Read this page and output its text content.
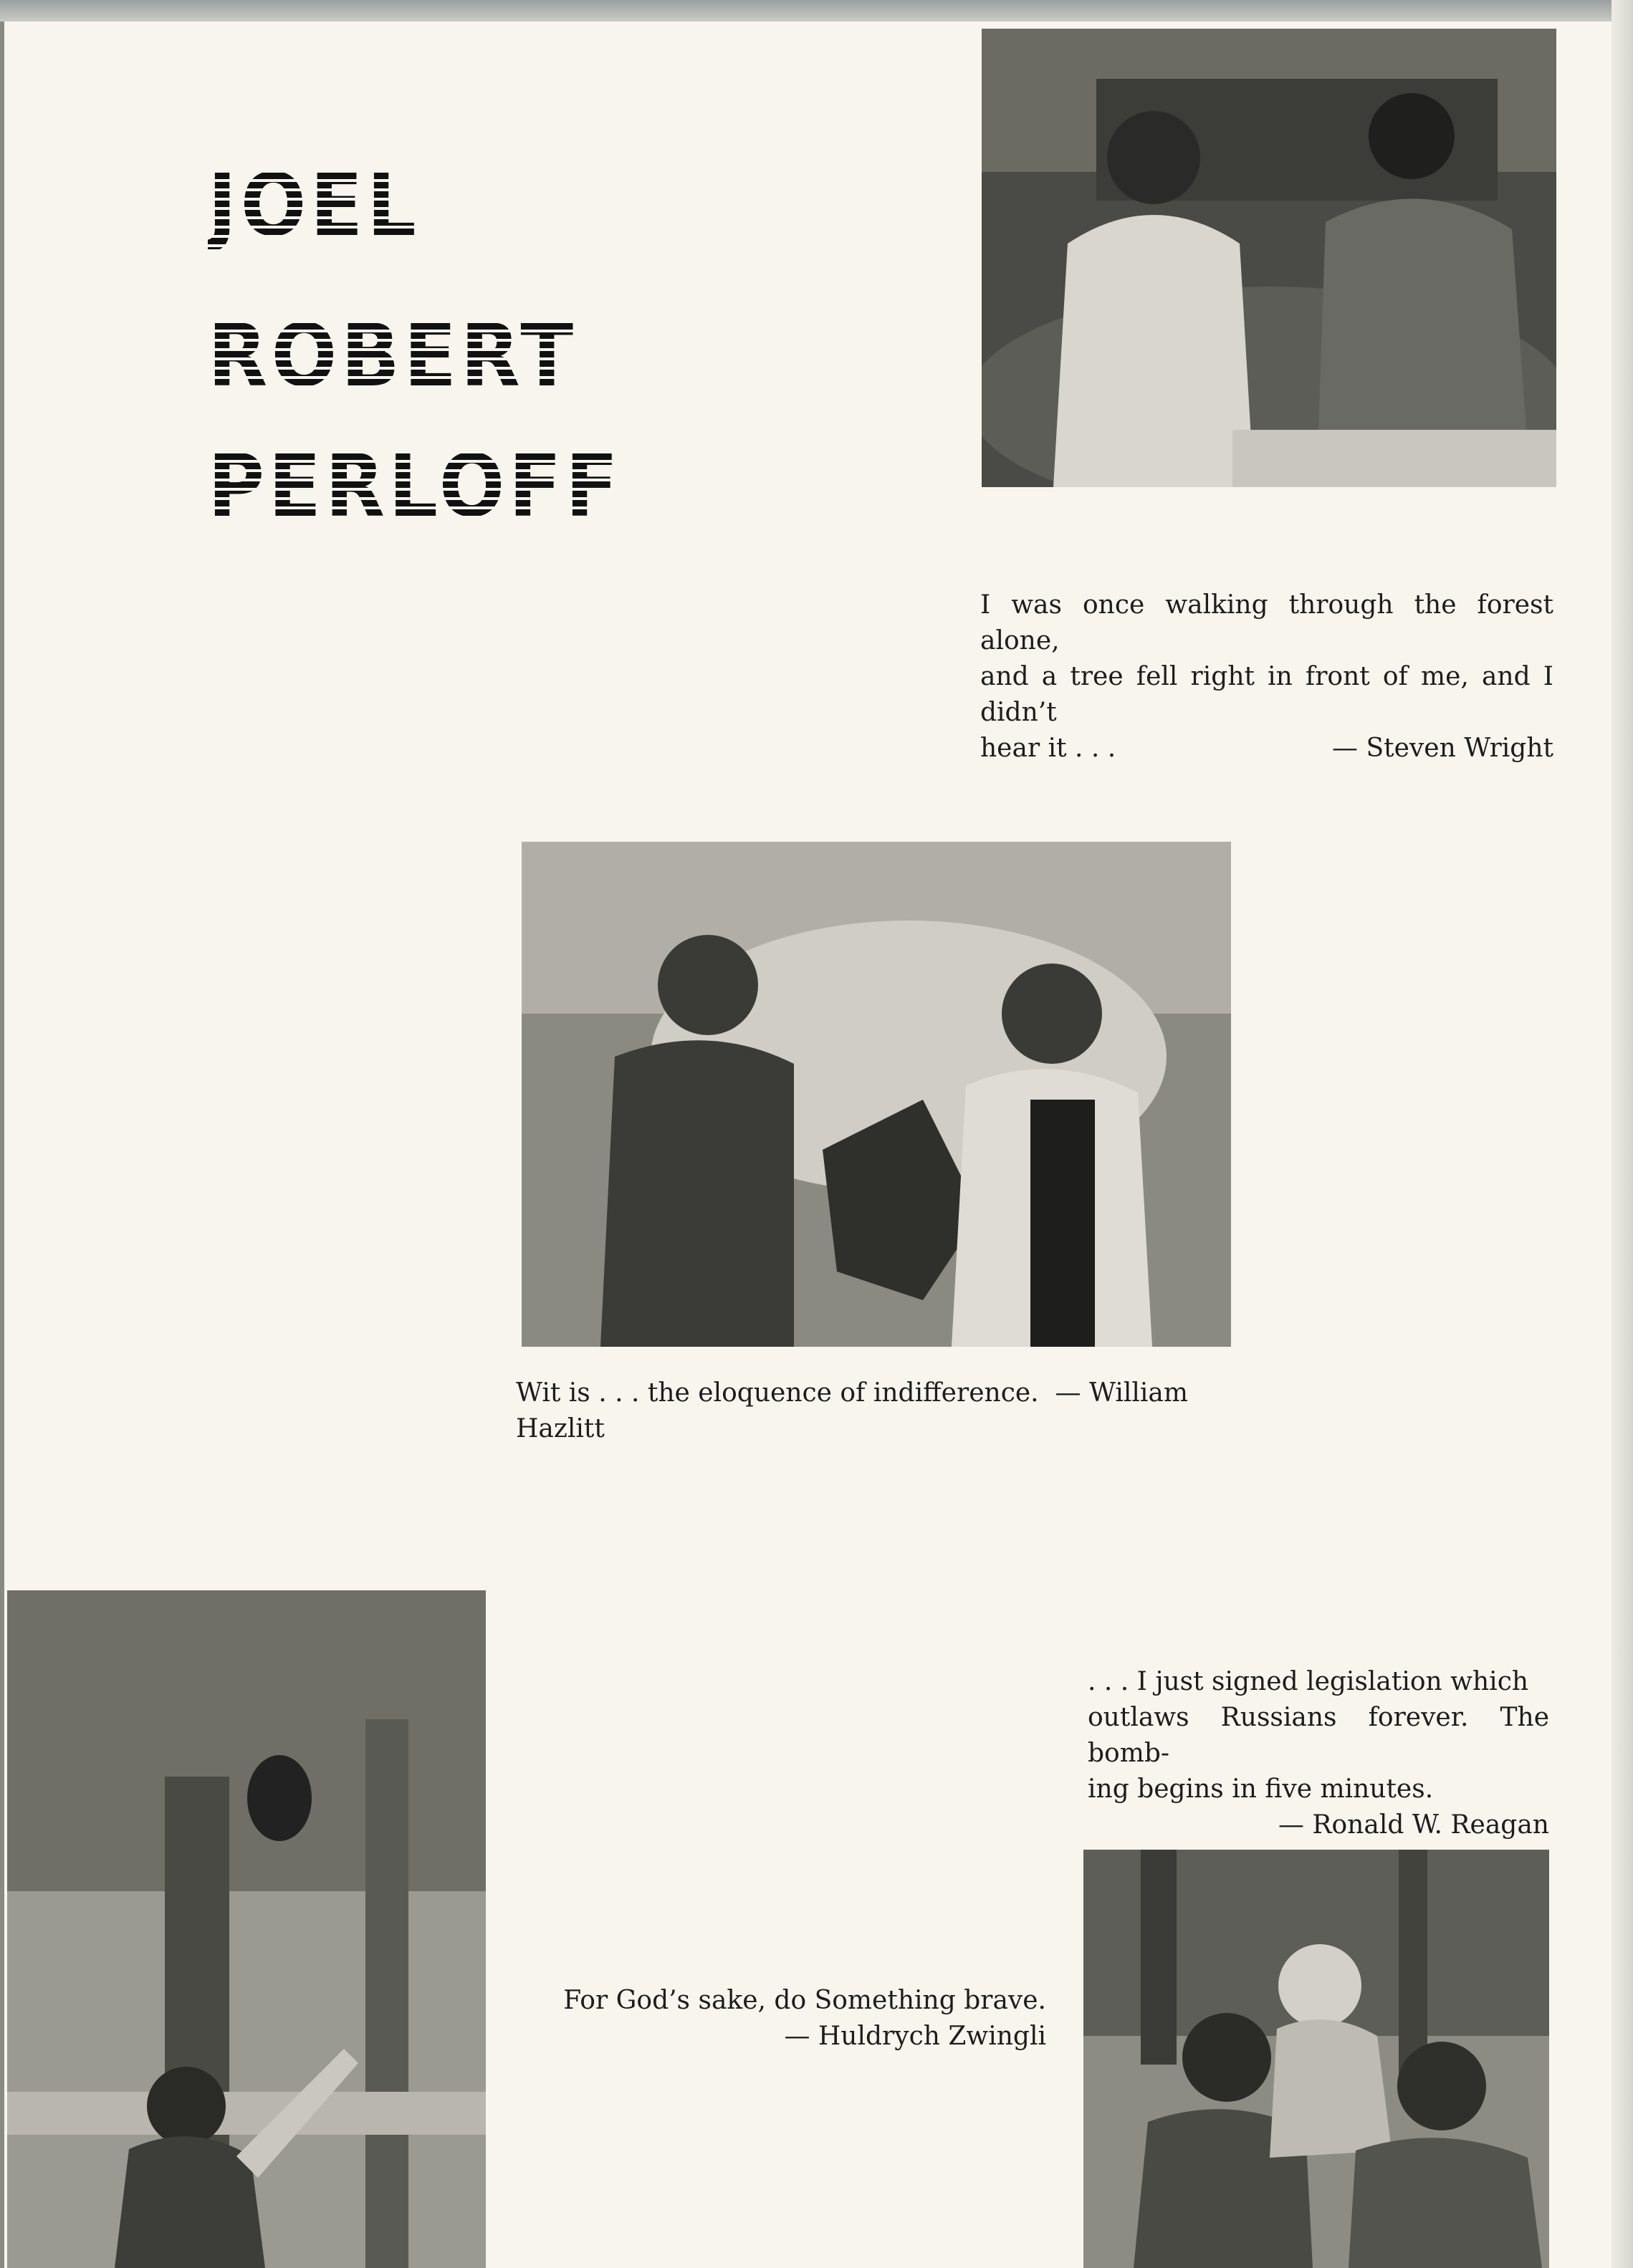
JOEL
ROBERT
PERLOFF
I was once walking through the forest alone,
and a tree fell right in front of me, and I didn’t
hear it . . .	— Steven Wright
Wit is . . . the eloquence of indifference. — William Hazlitt
. . . I just signed legislation which
outlaws Russians forever. The bomb-
ing begins in five minutes.
— Ronald W. Reagan
For God’s sake, do Something brave.
— Huldrych Zwingli
